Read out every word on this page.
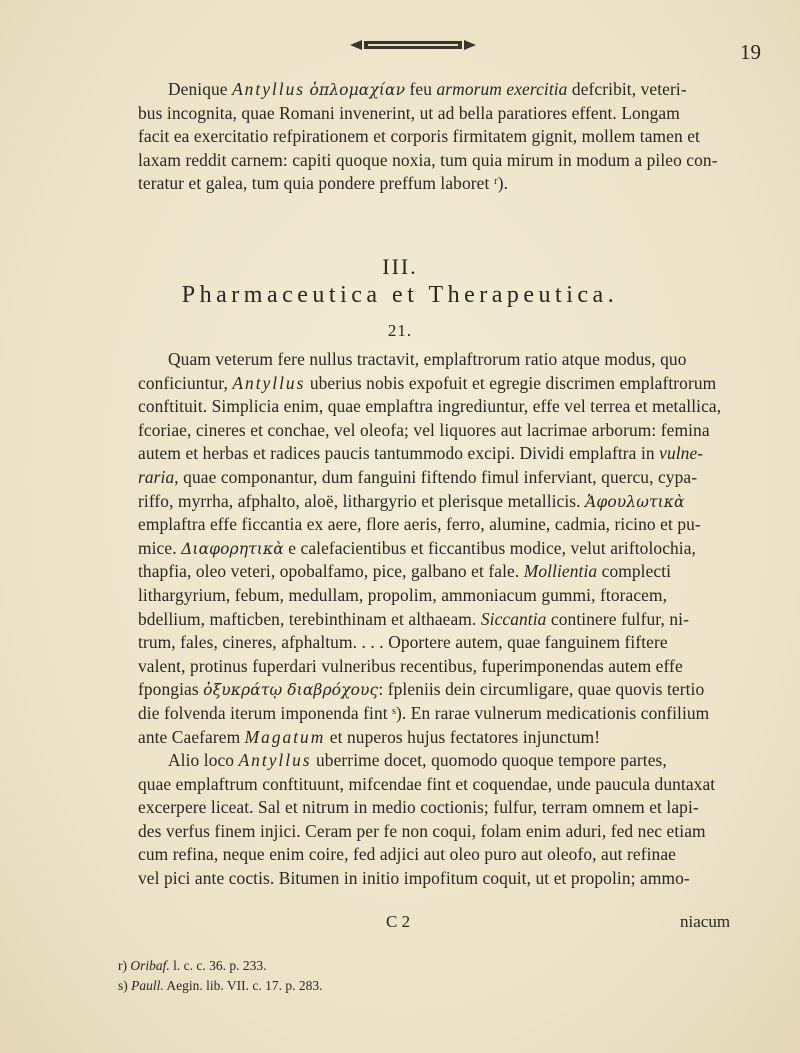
19
Denique Antyllus ὁπλομαχίαν feu armorum exercitia defcribit, veteri-
bus incognita, quae Romani invenerint, ut ad bella paratiores effent. Longam
facit ea exercitatio refpirationem et corporis firmitatem gignit, mollem tamen et
laxam reddit carnem: capiti quoque noxia, tum quia mirum in modum a pileo con-
teratur et galea, tum quia pondere preffum laboret ʳ).
III.
Pharmaceutica et Therapeutica.
21.
Quam veterum fere nullus tractavit, emplaftrorum ratio atque modus, quo
conficiuntur, Antyllus uberius nobis expofuit et egregie discrimen emplaftrorum
conftituit. Simplicia enim, quae emplaftra ingrediuntur, effe vel terrea et metallica,
fcoriae, cineres et conchae, vel oleofa; vel liquores aut lacrimae arborum: femina
autem et herbas et radices paucis tantummodo excipi. Dividi emplaftra in vulne-
raria, quae componantur, dum fanguini fiftendo fimul inferviant, quercu, cypa-
riffo, myrrha, afphalto, aloë, lithargyrio et plerisque metallicis. Ἀφουλωτικὰ
emplaftra effe ficcantia ex aere, flore aeris, ferro, alumine, cadmia, ricino et pu-
mice. Διαφορητικὰ e calefacientibus et ficcantibus modice, velut ariftolochia,
thapfia, oleo veteri, opobalfamo, pice, galbano et fale. Mollientia complecti
lithargyrium, febum, medullam, propolim, ammoniacum gummi, ftoracem,
bdellium, mafticben, terebinthinam et althaeam. Siccantia continere fulfur, ni-
trum, fales, cineres, afphaltum. . . . Oportere autem, quae fanguinem fiftere
valent, protinus fuperdari vulneribus recentibus, fuperimponendas autem effe
fpongias ὀξυκράτῳ διαβρόχους: fpleniis dein circumligare, quae quovis tertio
die folvenda iterum imponenda fint ˢ). En rarae vulnerum medicationis confilium
ante Caefarem Magatum et nuperos hujus fectatores injunctum!
Alio loco Antyllus uberrime docet, quomodo quoque tempore partes,
quae emplaftrum conftituunt, mifcendae fint et coquendae, unde paucula duntaxat
excerpere liceat. Sal et nitrum in medio coctionis; fulfur, terram omnem et lapi-
des verfus finem injici. Ceram per fe non coqui, folam enim aduri, fed nec etiam
cum refina, neque enim coire, fed adjici aut oleo puro aut oleofo, aut refinae
vel pici ante coctis. Bitumen in initio impofitum coquit, ut et propolin; ammo-
C 2	niacum
r) Oribaf. l. c. c. 36. p. 233.
s) Paull. Aegin. lib. VII. c. 17. p. 283.
